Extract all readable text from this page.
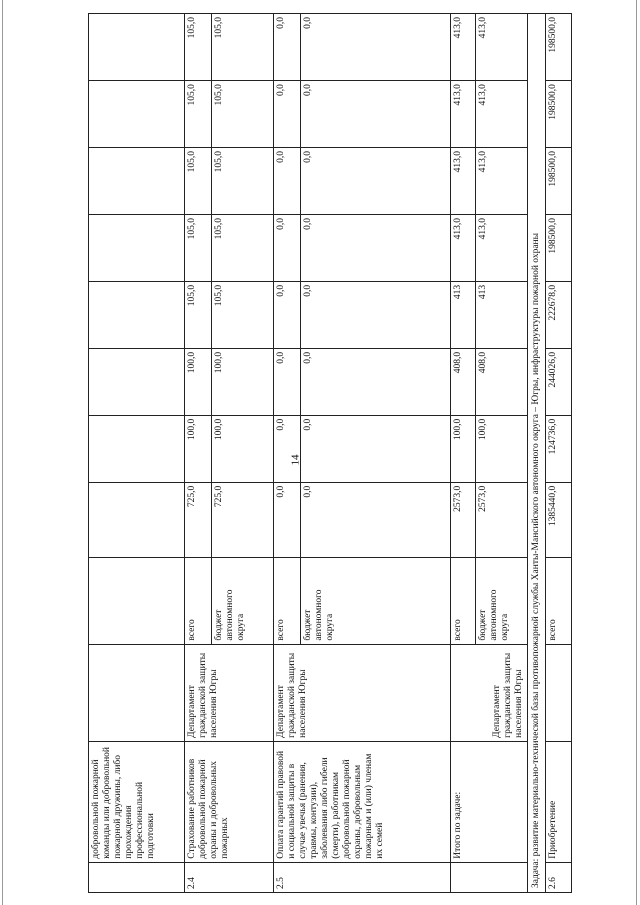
14
	добровольной пожарной команды или добровольной пожарной дружины, либо прохождения профессиональной подготовки										
2.4	Страхование работников добровольной пожарной охраны и добровольных пожарных	Департамент гражданской защиты населения Югры	всего	725,0	100,0	100,0	105,0	105,0	105,0	105,0	105,0
			бюджет автономного округа	725,0	100,0	100,0	105,0	105,0	105,0	105,0	105,0
2.5	Оплата гарантий правовой и социальной защиты в случае увечья (ранения, травмы, контузии), заболевания либо гибели (смерти), работникам добровольной пожарной охраны, добровольным пожарным и (или) членам их семей	Департамент гражданской защиты населения Югры	всего	0,0	0,0	0,0	0,0	0,0	0,0	0,0	0,0
			бюджет автономного округа	0,0	0,0	0,0	0,0	0,0	0,0	0,0	0,0
	Итого по задаче:	Департамент гражданской защиты населения Югры	всего	2573,0	100,0	408,0	413	413,0	413,0	413,0	413,0
			бюджет автономного округа	2573,0	100,0	408,0	413	413,0	413,0	413,0	413,0
Задача: развитие материально-технической базы противопожарной службы Ханты-Мансийского автономного округа – Югры, инфраструктуры пожарной охраны											
2.6	Приобретение		всего	1385440,0	124736,0	244026,0	222678,0	198500,0	198500,0	198500,0	198500,0
